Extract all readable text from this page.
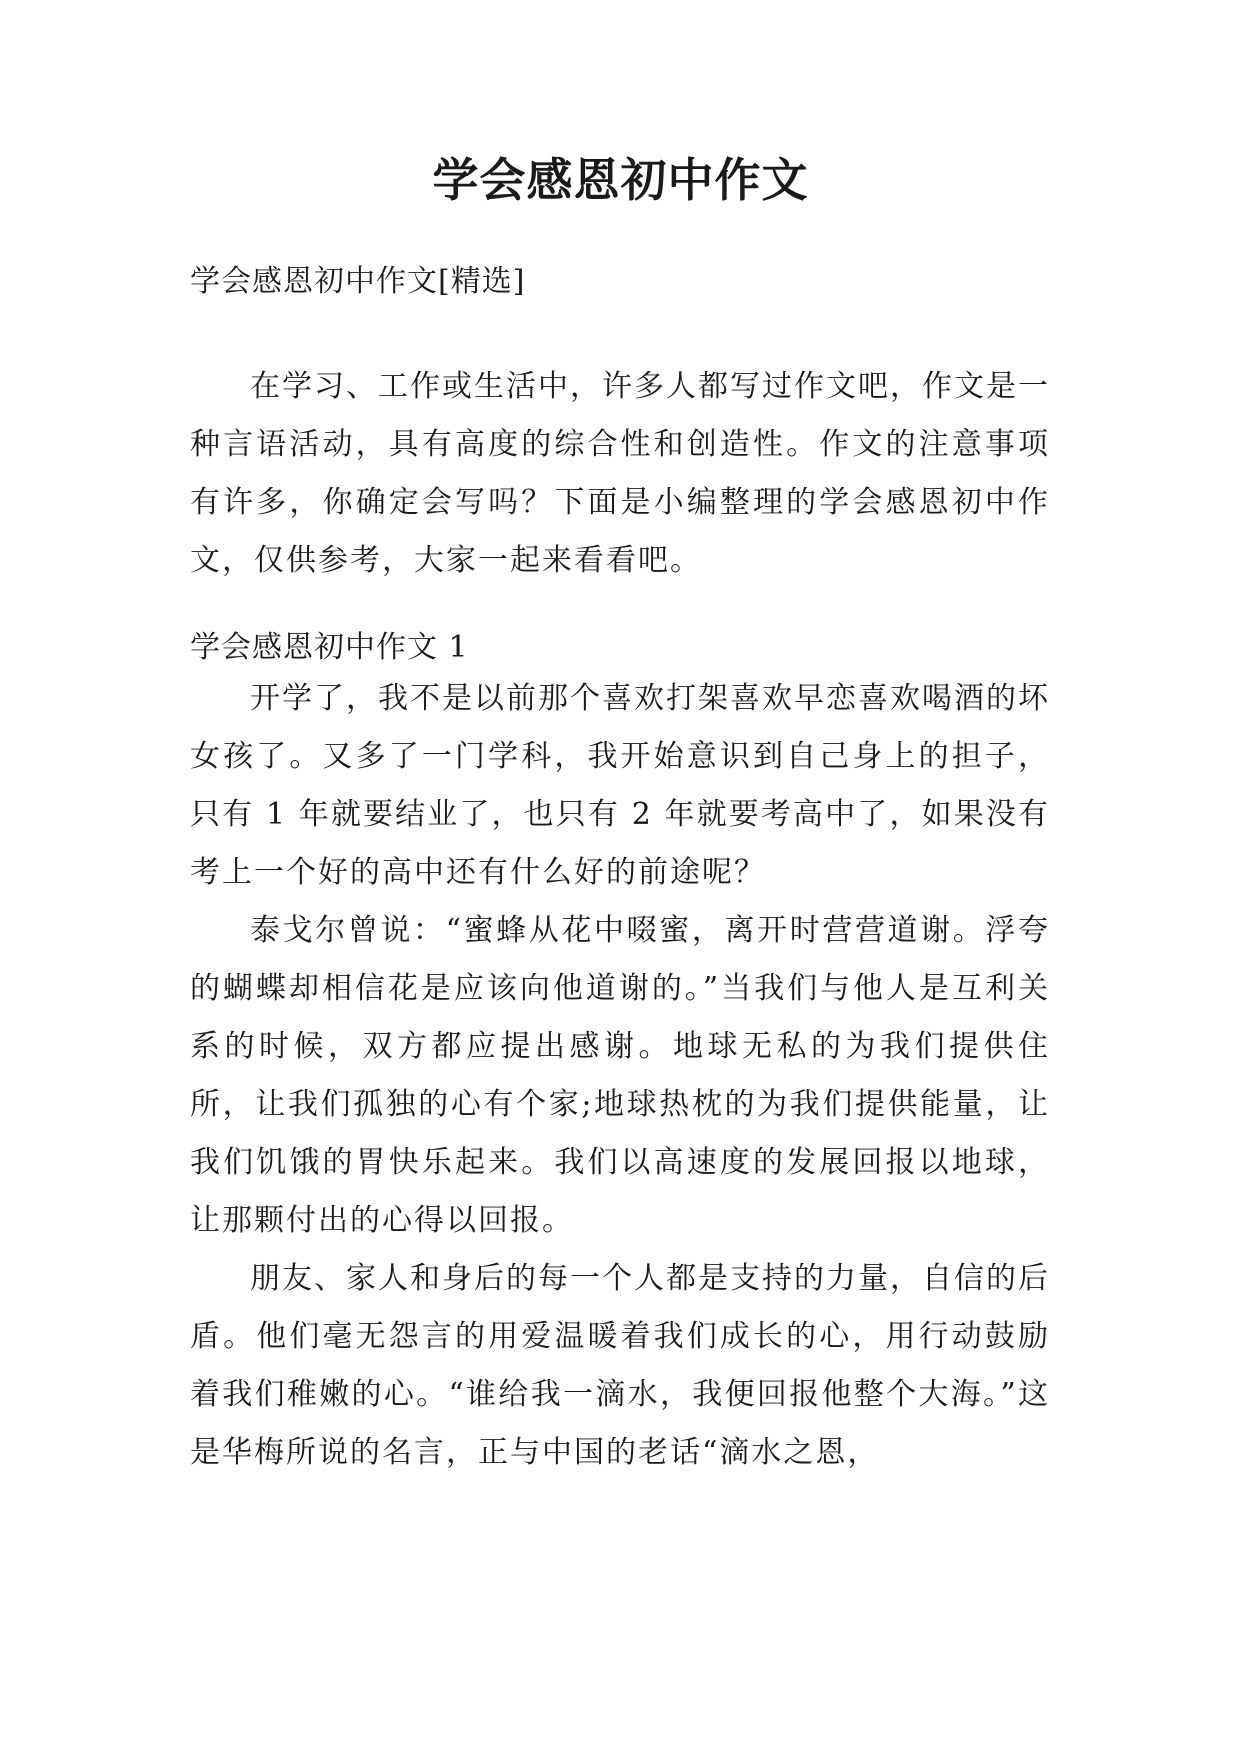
学会感恩初中作文

学会感恩初中作文[精选]

在学习、工作或生活中，许多人都写过作文吧，作文是一种言语活动，具有高度的综合性和创造性。作文的注意事项有许多，你确定会写吗？下面是小编整理的学会感恩初中作文，仅供参考，大家一起来看看吧。

学会感恩初中作文 1

开学了，我不是以前那个喜欢打架喜欢早恋喜欢喝酒的坏女孩了。又多了一门学科，我开始意识到自己身上的担子，只有 1 年就要结业了，也只有 2 年就要考高中了，如果没有考上一个好的高中还有什么好的前途呢？

泰戈尔曾说：“蜜蜂从花中啜蜜，离开时营营道谢。浮夸的蝴蝶却相信花是应该向他道谢的。”当我们与他人是互利关系的时候，双方都应提出感谢。地球无私的为我们提供住所，让我们孤独的心有个家;地球热枕的为我们提供能量，让我们饥饿的胃快乐起来。我们以高速度的发展回报以地球，让那颗付出的心得以回报。

朋友、家人和身后的每一个人都是支持的力量，自信的后盾。他们毫无怨言的用爱温暖着我们成长的心，用行动鼓励着我们稚嫩的心。“谁给我一滴水，我便回报他整个大海。”这是华梅所说的名言，正与中国的老话“滴水之恩，
